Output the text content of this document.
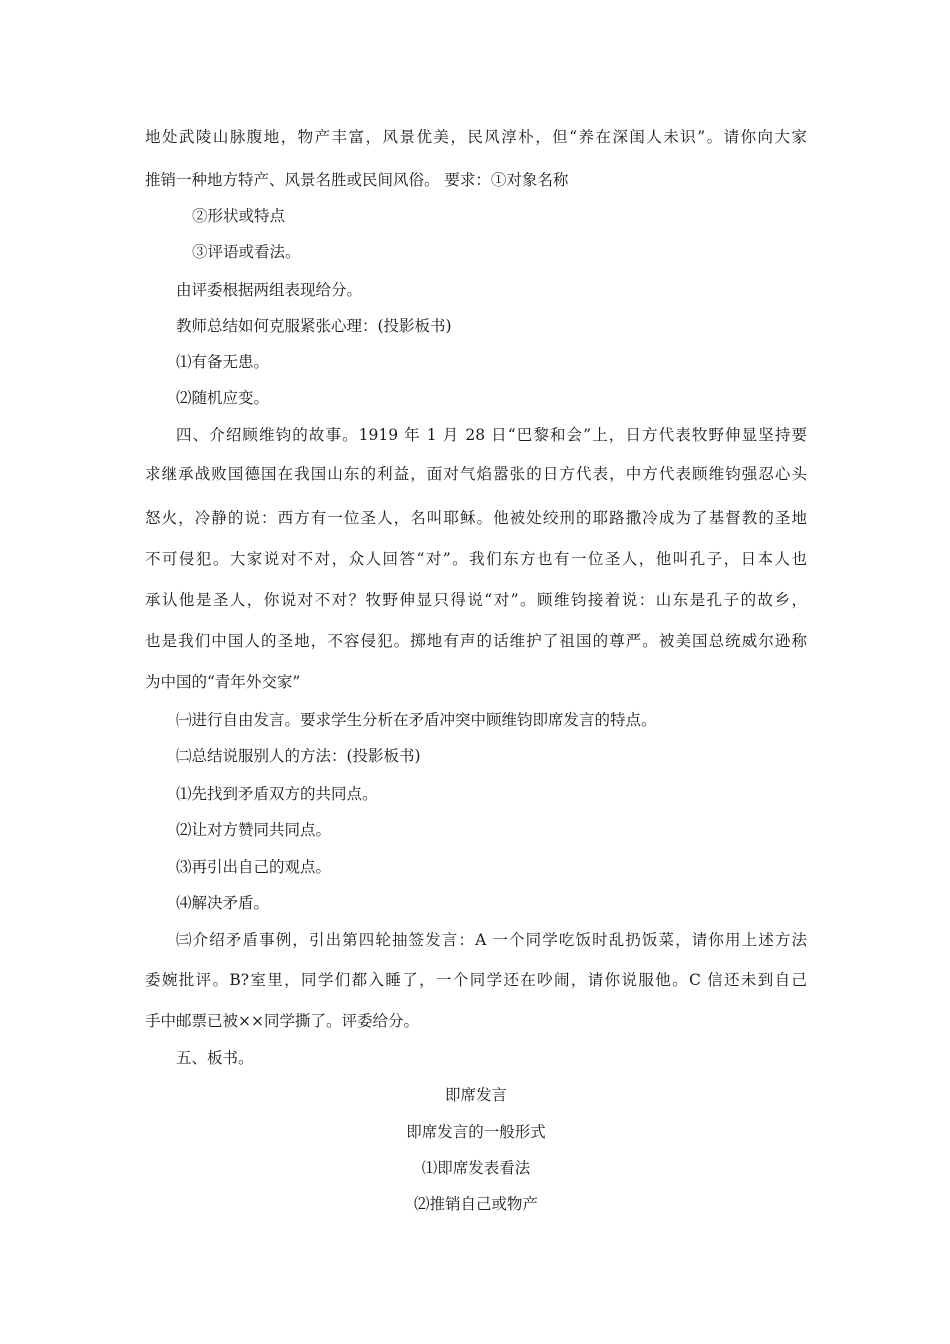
地处武陵山脉腹地，物产丰富，风景优美，民风淳朴，但“养在深闺人未识”。请你向大家
推销一种地方特产、风景名胜或民间风俗。 要求：①对象名称
②形状或特点
③评语或看法。
由评委根据两组表现给分。
教师总结如何克服紧张心理：(投影板书)
⑴有备无患。
⑵随机应变。
四、介绍顾维钧的故事。1919 年 1 月 28 日“巴黎和会”上，日方代表牧野伸显坚持要
求继承战败国德国在我国山东的利益，面对气焰嚣张的日方代表，中方代表顾维钧强忍心头
怒火，冷静的说：西方有一位圣人，名叫耶稣。他被处绞刑的耶路撒冷成为了基督教的圣地
不可侵犯。大家说对不对，众人回答“对”。我们东方也有一位圣人，他叫孔子，日本人也
承认他是圣人，你说对不对？牧野伸显只得说“对”。顾维钧接着说：山东是孔子的故乡，
也是我们中国人的圣地，不容侵犯。掷地有声的话维护了祖国的尊严。被美国总统威尔逊称
为中国的“青年外交家”
㈠进行自由发言。要求学生分析在矛盾冲突中顾维钧即席发言的特点。
㈡总结说服别人的方法：(投影板书)
⑴先找到矛盾双方的共同点。
⑵让对方赞同共同点。
⑶再引出自己的观点。
⑷解决矛盾。
㈢介绍矛盾事例，引出第四轮抽签发言：A 一个同学吃饭时乱扔饭菜，请你用上述方法
委婉批评。B?室里，同学们都入睡了，一个同学还在吵闹，请你说服他。C 信还未到自己
手中邮票已被××同学撕了。评委给分。
五、板书。
即席发言
即席发言的一般形式
⑴即席发表看法
⑵推销自己或物产
